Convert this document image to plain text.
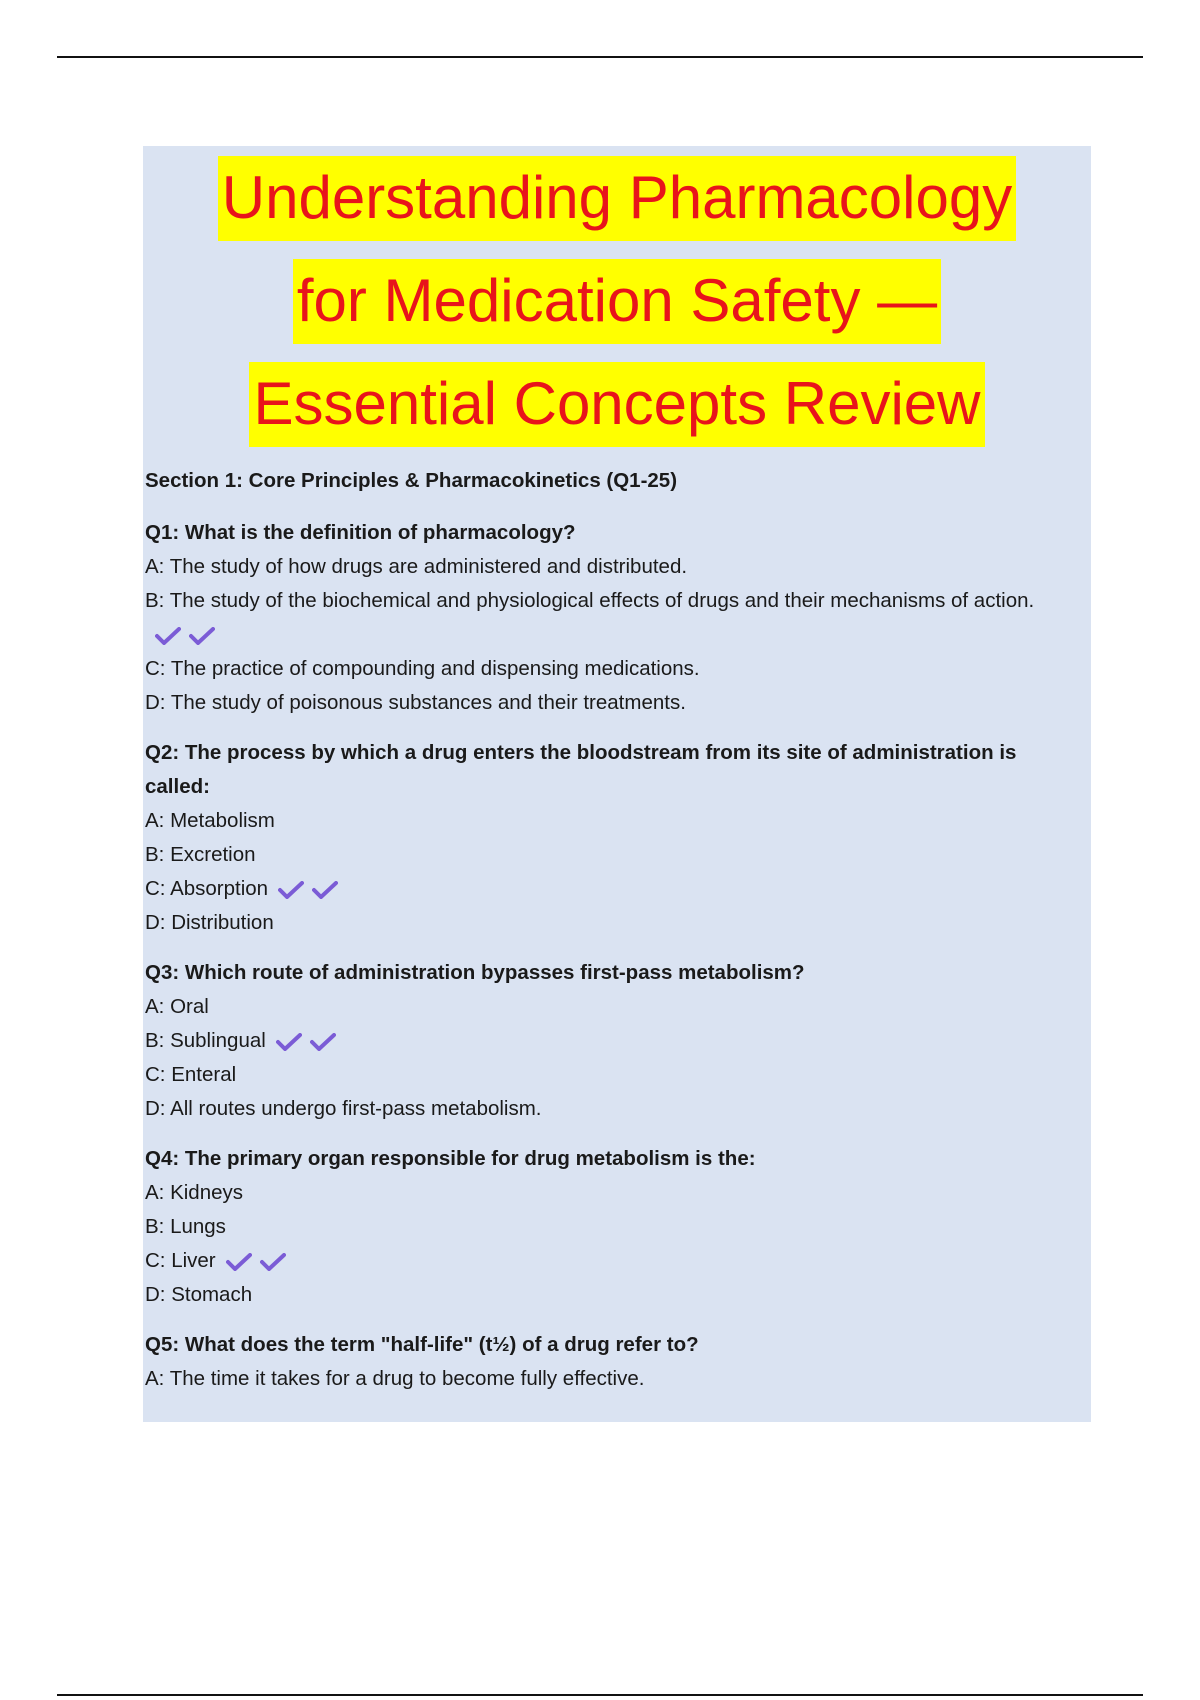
Understanding Pharmacology
for Medication Safety —
Essential Concepts Review
Section 1: Core Principles & Pharmacokinetics (Q1-25)
Q1: What is the definition of pharmacology?
A: The study of how drugs are administered and distributed.
B: The study of the biochemical and physiological effects of drugs and their mechanisms of action.
C: The practice of compounding and dispensing medications.
D: The study of poisonous substances and their treatments.
Q2: The process by which a drug enters the bloodstream from its site of administration is called:
A: Metabolism
B: Excretion
C: Absorption
D: Distribution
Q3: Which route of administration bypasses first-pass metabolism?
A: Oral
B: Sublingual
C: Enteral
D: All routes undergo first-pass metabolism.
Q4: The primary organ responsible for drug metabolism is the:
A: Kidneys
B: Lungs
C: Liver
D: Stomach
Q5: What does the term "half-life" (t½) of a drug refer to?
A: The time it takes for a drug to become fully effective.
